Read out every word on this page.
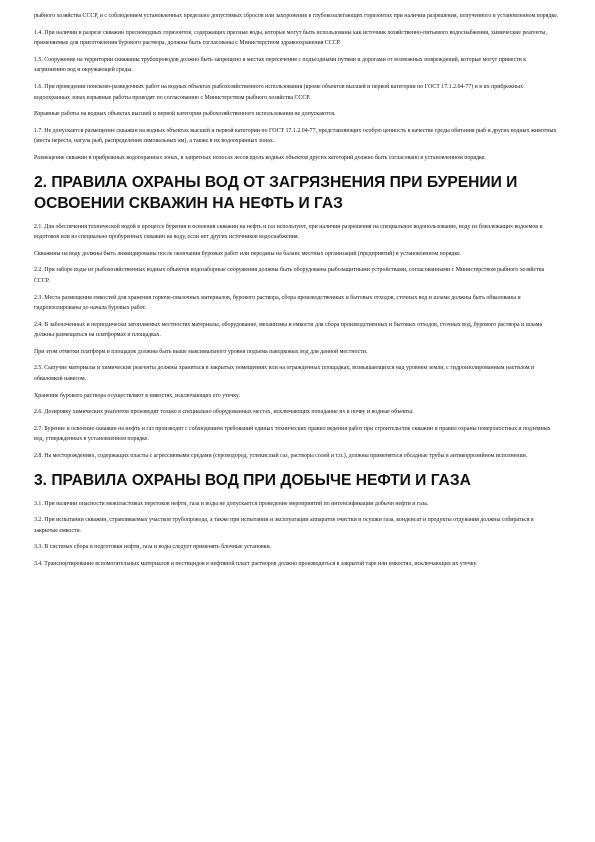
рыбного хозяйства СССР, и с соблюдением установленных предельно допустимых сбросов или захоронения в глубокозалегающих горизонтах при наличии разрешения, полученного в установленном порядке.

1.4. При наличии в разрезе скважин пресноводных горизонтов, содержащих пресные воды, которые могут быть использованы как источник хозяйственно-питьевого водоснабжения, химические реагенты, применяемые для приготовления бурового раствора, должны быть согласованы с Министерством здравоохранения СССР.

1.5. Сооружение на территории скважины трубопроводов должно быть запрещено в местах пересечения с подъездными путями и дорогами от возможных повреждений, которые могут привести к загрязнению вод и окружающей среды.

1.6. При проведении поисково-разведочных работ на водных объектах рыбохозяйственного использования (кроме объектов высшей и первой категории по ГОСТ 17.1.2.04-77) и в их прибрежных водоохранных зонах взрывные работы проводят по согласованию с Министерством рыбного хозяйства СССР.

Взрывные работы на водных объектах высшей и первой категории рыбохозяйственного использования не допускаются.

1.7. Не допускается размещение скважин на водных объектах высшей и первой категории по ГОСТ 17.1.2.04-77, представляющих особую ценность в качестве среды обитания рыб и других водных животных (места нереста, нагула рыб, распределения зимовальных ям), а также в их водоохранных зонах.

Размещение скважин в прибрежных водоохранных зонах, в запретных полосах лесов вдоль водных объектов других категорий должно быть согласовано в установленном порядке.

2. ПРАВИЛА ОХРАНЫ ВОД ОТ ЗАГРЯЗНЕНИЯ ПРИ БУРЕНИИ И ОСВОЕНИИ СКВАЖИН НА НЕФТЬ И ГАЗ

2.1. Для обеспечения технической водой в процессе бурения и освоения скважин на нефть и газ используют, при наличии разрешения на специальное водопользование, воду из близлежащих водоемов и водотоков или из специально пробуренных скважин на воду, если нет других источников водоснабжения.

Скважины на воду должны быть ликвидированы после окончания буровых работ или переданы на баланс местных организаций (предприятий) в установленном порядке.

2.2. При заборе воды из рыбохозяйственных водных объектов водозаборные сооружения должны быть оборудованы рыбозащитными устройствами, согласованными с Министерством рыбного хозяйства СССР.

2.3. Места размещения емкостей для хранения горюче-смазочных материалов, бурового раствора, сбора производственных и бытовых отходов, сточных вод и шлама должны быть обвалованы и гидроизолированы до начала буровых работ.

2.4. В заболоченных и периодически затопляемых местностях материалы, оборудование, механизмы и емкости для сбора производственных и бытовых отходов, сточных вод, бурового раствора и шлама должны размещаться на платформах и площадках.

При этом отметки платформ и площадок должны быть выше максимального уровня подъема паводковых вод для данной местности.

2.5. Сыпучие материалы и химические реагенты должны храниться в закрытых помещениях или на огражденных площадках, возвышающихся над уровнем земли, с гидроизолированным настилом и обваловкой навесом.

Хранение бурового раствора осуществляют в емкостях, исключающих его утечку.

2.6. Дозировку химических реагентов производят только в специально оборудованных местах, исключающих попадание их в почву и водные объекты.

2.7. Бурение и освоение скважин на нефть и газ производят с соблюдением требований единых технических правил ведения работ при строительстве скважин и правил охраны поверхностных и подземных вод, утвержденных в установленном порядке.

2.8. На месторождениях, содержащих пласты с агрессивными средами (сероводород, углекислый газ, растворы солей и т.п.), должны применяться обсадные трубы в антикоррозийном исполнении.

3. ПРАВИЛА ОХРАНЫ ВОД ПРИ ДОБЫЧЕ НЕФТИ И ГАЗА

3.1. При наличии опасности межпластовых перетоков нефти, газа и воды не допускается проведение мероприятий по интенсификации добычи нефти и газа.

3.2. При испытании скважин, стравливаемых участков трубопровода, а также при испытании и эксплуатации аппаратов очистки и осушки газа, конденсат и продукты отдувания должны собираться в закрытые емкости.

3.3. В системах сбора и подготовки нефти, газа и воды следует применять блочные установки.

3.4. Транспортирование вспомогательных материалов и пестицидов в нефтяной пласт растворов должно производиться в закрытой таре или емкостях, исключающих их утечку.
